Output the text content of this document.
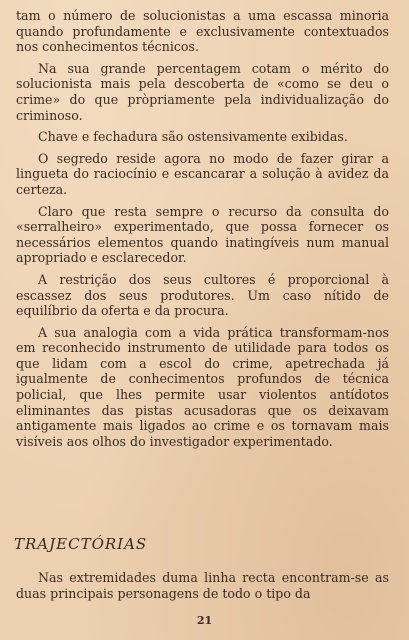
tam o número de solucionistas a uma escassa minoria quando profundamente e exclusivamente contextuados nos conhecimentos técnicos.

Na sua grande percentagem cotam o mérito do solucionista mais pela descoberta de «como se deu o crime» do que pròpriamente pela individualização do criminoso.

Chave e fechadura são ostensivamente exibidas.

O segredo reside agora no modo de fazer girar a lingueta do raciocínio e escancarar a solução à avidez da certeza.

Claro que resta sempre o recurso da consulta do «serralheiro» experimentado, que possa fornecer os necessários elementos quando inatingíveis num manual apropriado e esclarecedor.

A restrição dos seus cultores é proporcional à escassez dos seus produtores. Um caso nítido de equilíbrio da oferta e da procura.

A sua analogia com a vida prática transformam-nos em reconhecido instrumento de utilidade para todos os que lidam com a escol do crime, apetrechada já igualmente de conhecimentos profundos de técnica policial, que lhes permite usar violentos antídotos eliminantes das pistas acusadoras que os deixavam antigamente mais ligados ao crime e os tornavam mais visíveis aos olhos do investigador experimentado.

TRAJECTÓRIAS

Nas extremidades duma linha recta encontram-se as duas principais personagens de todo o tipo da

21
